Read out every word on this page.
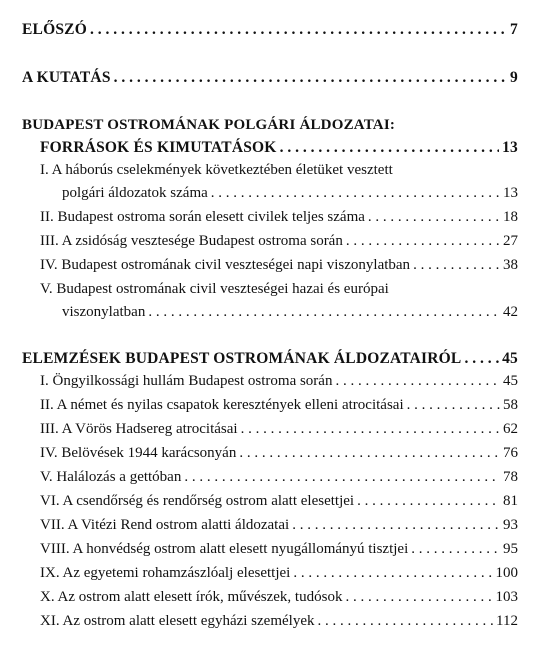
ELŐSZÓ . . .	7
A KUTATÁS . . .	9
BUDAPEST OSTROMÁNAK POLGÁRI ÁLDOZATAI:
FORRÁSOK ÉS KIMUTATÁSOK . . .	13
I. A háborús cselekmények következtében életüket vesztett
polgári áldozatok száma . . .	13
II. Budapest ostroma során elesett civilek teljes száma . . .	18
III. A zsidóság vesztesége Budapest ostroma során . . .	27
IV. Budapest ostromának civil veszteségei napi viszonylatban . . .	38
V. Budapest ostromának civil veszteségei hazai és európai
viszonylatban . . .	42
ELEMZÉSEK BUDAPEST OSTROMÁNAK ÁLDOZATAIRÓL . . .	45
I. Öngyilkossági hullám Budapest ostroma során . . .	45
II. A német és nyilas csapatok keresztények elleni atrocitásai . . .	58
III. A Vörös Hadsereg atrocitásai . . .	62
IV. Belövések 1944 karácsonyán . . .	76
V. Halálozás a gettóban . . .	78
VI. A csendőrség és rendőrség ostrom alatt elesettjei . . .	81
VII. A Vitézi Rend ostrom alatti áldozatai . . .	93
VIII. A honvédség ostrom alatt elesett nyugállományú tisztjei . . .	95
IX. Az egyetemi rohamzászlóalj elesettjei . . .	100
X. Az ostrom alatt elesett írók, művészek, tudósok . . .	103
XI. Az ostrom alatt elesett egyházi személyek . . .	112
